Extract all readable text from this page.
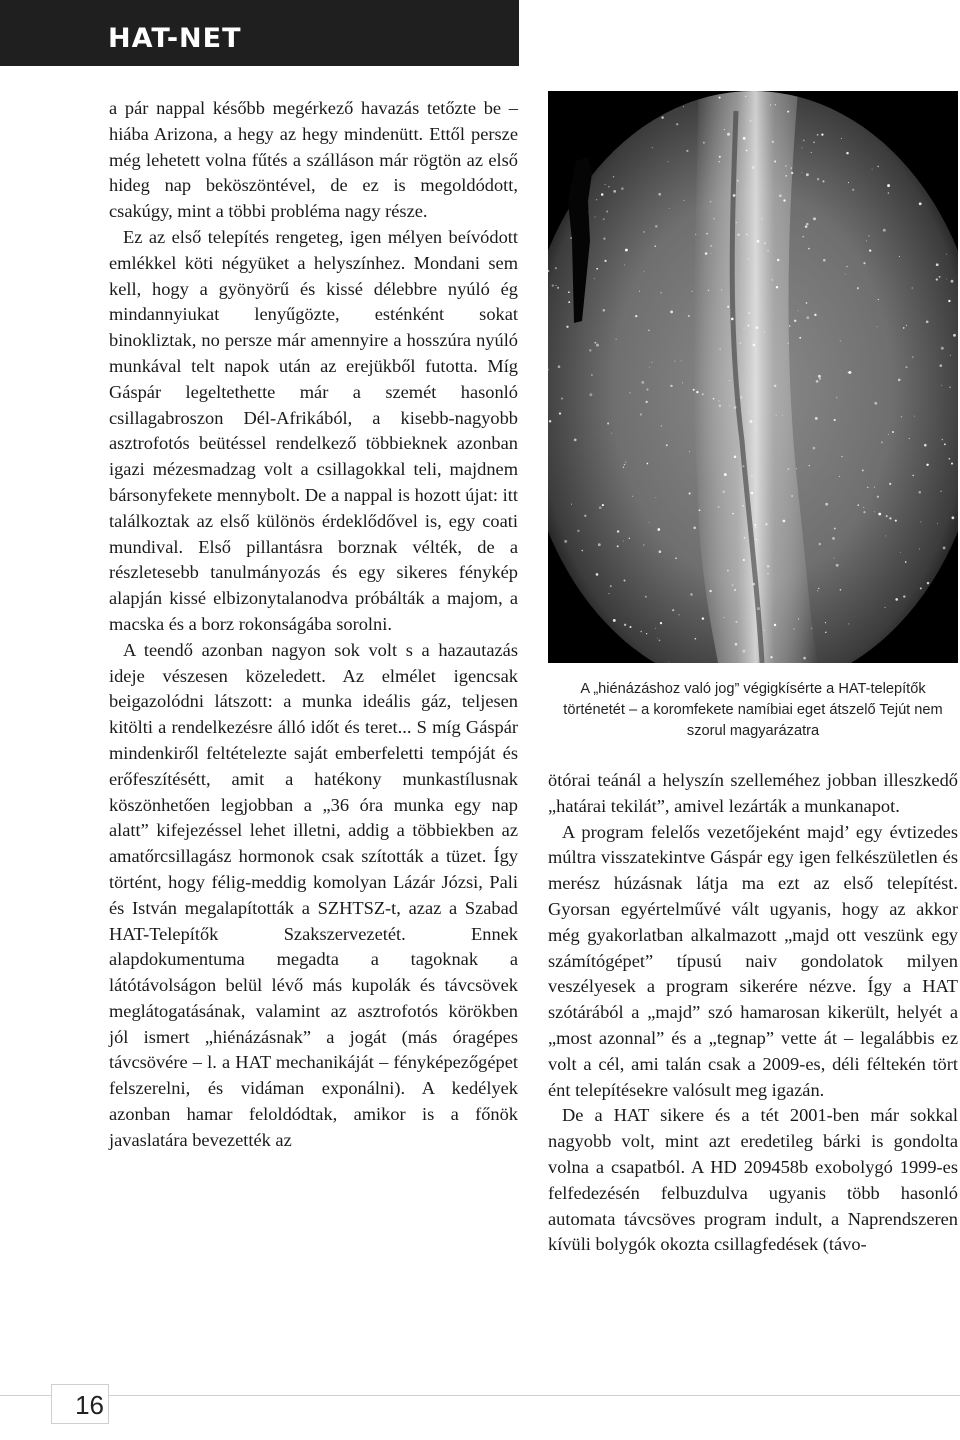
HAT-NET

a pár nappal később megérkező havazás tetőzte be – hiába Arizona, a hegy az hegy mindenütt. Ettől persze még lehetett volna fűtés a szálláson már rögtön az első hideg nap beköszöntével, de ez is megoldódott, csakúgy, mint a többi probléma nagy része.

Ez az első telepítés rengeteg, igen mélyen beívódott emlékkel köti négyüket a helyszínhez. Mondani sem kell, hogy a gyönyörű és kissé délebbre nyúló ég mindannyiukat lenyűgözte, esténként sokat binokliztak, no persze már amennyire a hosszúra nyúló munkával telt napok után az erejükből futotta. Míg Gáspár legeltethette már a szemét hasonló csillagabroszon Dél-Afrikából, a kisebb-nagyobb asztrofotós beütéssel rendelkező többieknek azonban igazi mézesmadzag volt a csillagokkal teli, majdnem bársonyfekete mennybolt. De a nappal is hozott újat: itt találkoztak az első különös érdeklődővel is, egy coati mundival. Első pillantásra borznak vélték, de a részletesebb tanulmányozás és egy sikeres fénykép alapján kissé elbizonytalanodva próbálták a majom, a macska és a borz rokonságába sorolni.

A teendő azonban nagyon sok volt s a hazautazás ideje vészesen közeledett. Az elmélet igencsak beigazolódni látszott: a munka ideális gáz, teljesen kitölti a rendelkezésre álló időt és teret... S míg Gáspár mindenkiről feltételezte saját emberfeletti tempóját és erőfeszítésétt, amit a hatékony munkastílusnak köszönhetően legjobban a „36 óra munka egy nap alatt” kifejezéssel lehet illetni, addig a többiekben az amatőrcsillagász hormonok csak szították a tüzet. Így történt, hogy félig-meddig komolyan Lázár Józsi, Pali és István megalapították a SZHTSZ-t, azaz a Szabad HAT-Telepítők Szakszervezetét. Ennek alapdokumentuma megadta a tagoknak a látótávolságon belül lévő más kupolák és távcsövek meglátogatásának, valamint az asztrofotós körökben jól ismert „hiénázásnak” a jogát (más óragépes távcsövére – l. a HAT mechanikáját – fényképezőgépet felszerelni, és vidáman exponálni). A kedélyek azonban hamar feloldódtak, amikor is a főnök javaslatára bevezették az

A „hiénázáshoz való jog” végigkísérte a HAT-telepítők történetét – a koromfekete namíbiai eget átszelő Tejút nem szorul magyarázatra

ötórai teánál a helyszín szelleméhez jobban illeszkedő „határai tekilát”, amivel lezárták a munkanapot.

A program felelős vezetőjeként majd’ egy évtizedes múltra visszatekintve Gáspár egy igen felkészületlen és merész húzásnak látja ma ezt az első telepítést. Gyorsan egyértelművé vált ugyanis, hogy az akkor még gyakorlatban alkalmazott „majd ott veszünk egy számítógépet” típusú naiv gondolatok milyen veszélyesek a program sikerére nézve. Így a HAT szótárából a „majd” szó hamarosan kikerült, helyét a „most azonnal” és a „tegnap” vette át – legalábbis ez volt a cél, ami talán csak a 2009-es, déli féltekén tört ént telepítésekre valósult meg igazán.

De a HAT sikere és a tét 2001-ben már sokkal nagyobb volt, mint azt eredetileg bárki is gondolta volna a csapatból. A HD 209458b exobolygó 1999-es felfedezésén felbuzdulva ugyanis több hasonló automata távcsöves program indult, a Naprendszeren kívüli bolygók okozta csillagfedések (távo-

16
